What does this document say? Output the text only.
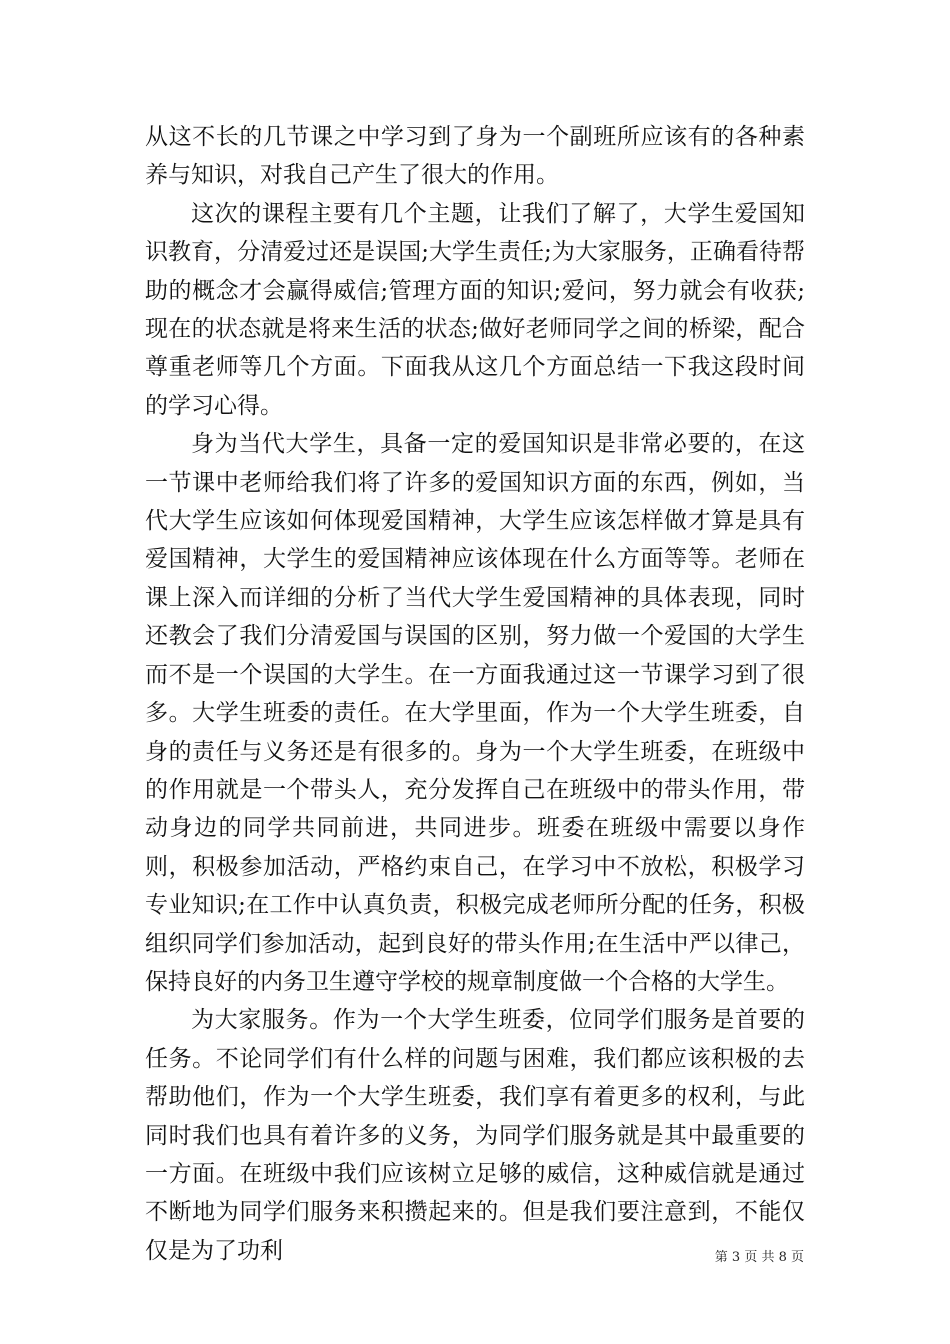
从这不长的几节课之中学习到了身为一个副班所应该有的各种素养与知识，对我自己产生了很大的作用。

这次的课程主要有几个主题，让我们了解了，大学生爱国知识教育，分清爱过还是误国;大学生责任;为大家服务，正确看待帮助的概念才会赢得威信;管理方面的知识;爱问，努力就会有收获;现在的状态就是将来生活的状态;做好老师同学之间的桥梁，配合尊重老师等几个方面。下面我从这几个方面总结一下我这段时间的学习心得。

身为当代大学生，具备一定的爱国知识是非常必要的，在这一节课中老师给我们将了许多的爱国知识方面的东西，例如，当代大学生应该如何体现爱国精神，大学生应该怎样做才算是具有爱国精神，大学生的爱国精神应该体现在什么方面等等。老师在课上深入而详细的分析了当代大学生爱国精神的具体表现，同时还教会了我们分清爱国与误国的区别，努力做一个爱国的大学生而不是一个误国的大学生。在一方面我通过这一节课学习到了很多。大学生班委的责任。在大学里面，作为一个大学生班委，自身的责任与义务还是有很多的。身为一个大学生班委，在班级中的作用就是一个带头人，充分发挥自己在班级中的带头作用，带动身边的同学共同前进，共同进步。班委在班级中需要以身作则，积极参加活动，严格约束自己，在学习中不放松，积极学习专业知识;在工作中认真负责，积极完成老师所分配的任务，积极组织同学们参加活动，起到良好的带头作用;在生活中严以律己，保持良好的内务卫生遵守学校的规章制度做一个合格的大学生。

为大家服务。作为一个大学生班委，位同学们服务是首要的任务。不论同学们有什么样的问题与困难，我们都应该积极的去帮助他们，作为一个大学生班委，我们享有着更多的权利，与此同时我们也具有着许多的义务，为同学们服务就是其中最重要的一方面。在班级中我们应该树立足够的威信，这种威信就是通过不断地为同学们服务来积攒起来的。但是我们要注意到，不能仅仅是为了功利	第 3 页 共 8 页
